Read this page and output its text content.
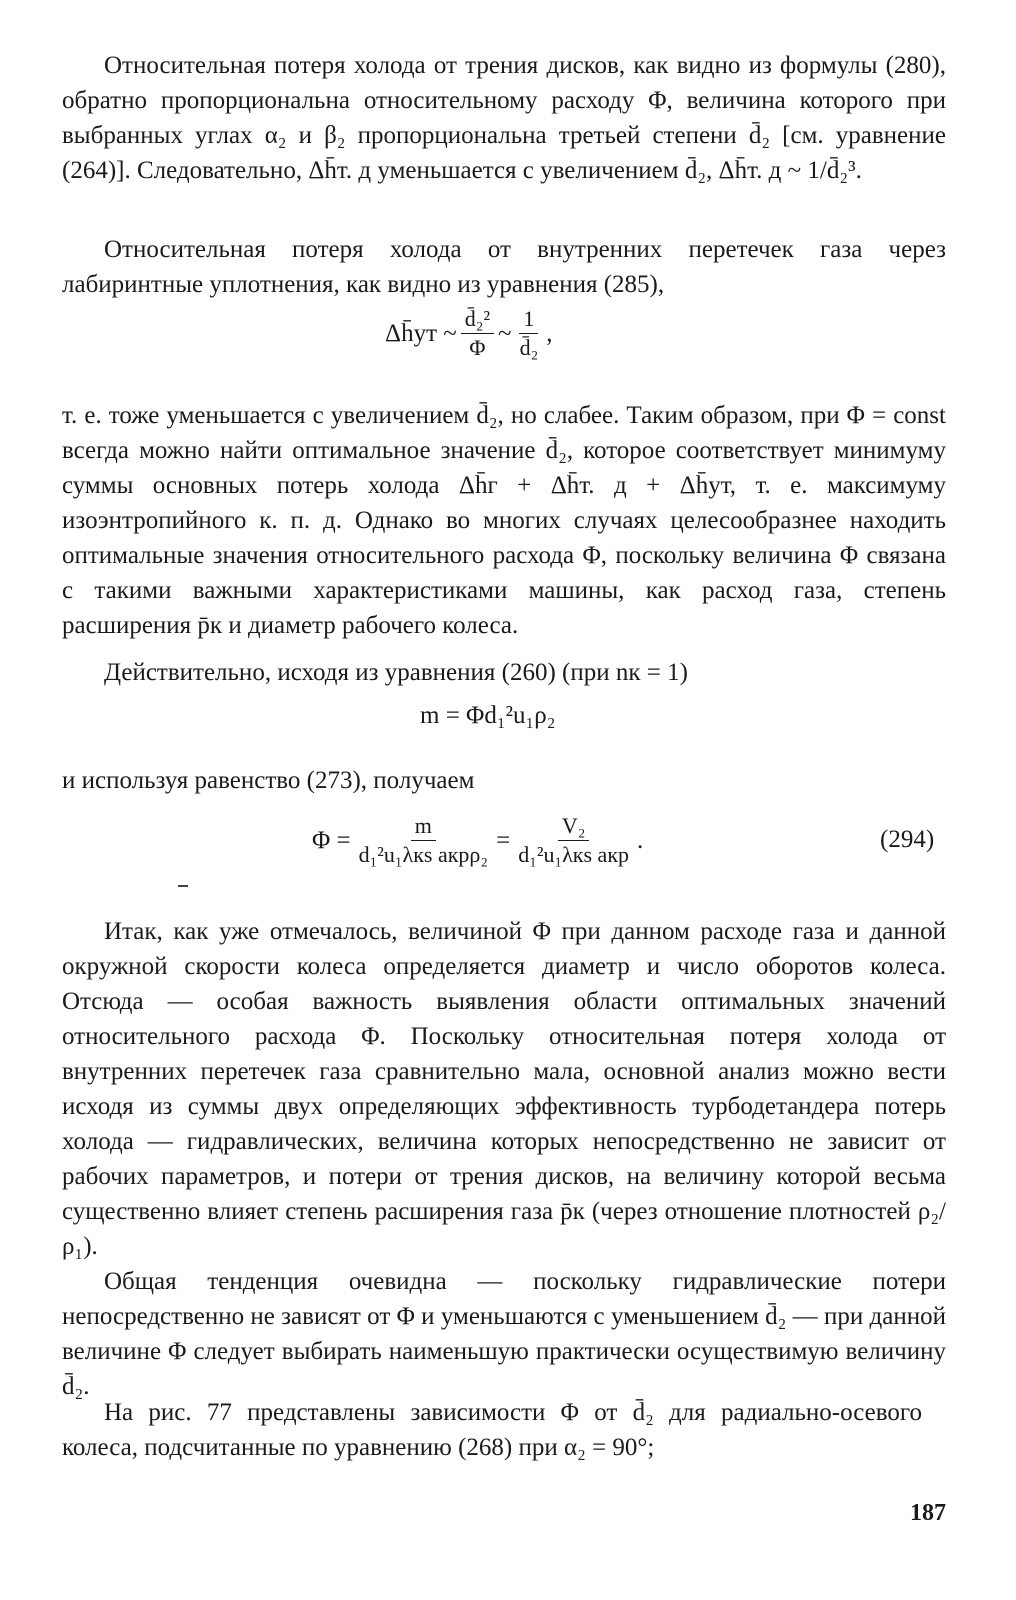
Относительная потеря холода от трения дисков, как видно из формулы (280), обратно пропорциональна относительному расходу Φ, величина которого при выбранных углах α₂ и β₂ пропорциональна третьей степени d̄₂ [см. уравнение (264)]. Следовательно, Δh̄т. д уменьшается с увеличением d̄₂, Δh̄т. д ~ 1/d̄₂³.

Относительная потеря холода от внутренних перетечек газа через лабиринтные уплотнения, как видно из уравнения (285),

Δh̄ут ~ $\frac{\text{d̄₂²}}{\Phi}$ ~ $\frac{1}{\text{d̄₂}}$ ,

т. е. тоже уменьшается с увеличением d̄₂, но слабее. Таким образом, при Φ = const всегда можно найти оптимальное значение d̄₂, которое соответствует минимуму суммы основных потерь холода Δh̄г + Δh̄т. д + Δh̄ут, т. е. максимуму изоэнтропийного к. п. д. Однако во многих случаях целесообразнее находить оптимальные значения относительного расхода Φ, поскольку величина Φ связана с такими важными характеристиками машины, как расход газа, степень расширения p̄к и диаметр рабочего колеса.

Действительно, исходя из уравнения (260) (при nк = 1)

m = Φd₁²u₁ρ₂

и используя равенство (273), получаем

$\Phi = \frac{m}{\text{d₁²u₁λкs aкрρ₂}} = \frac{\text{V₂}}{\text{d₁²u₁λкs aкр}}$ .	(294)

Итак, как уже отмечалось, величиной Φ при данном расходе газа и данной окружной скорости колеса определяется диаметр и число оборотов колеса. Отсюда — особая важность выявления области оптимальных значений относительного расхода Φ. Поскольку относительная потеря холода от внутренних перетечек газа сравнительно мала, основной анализ можно вести исходя из суммы двух определяющих эффективность турбодетандера потерь холода — гидравлических, величина которых непосредственно не зависит от рабочих параметров, и потери от трения дисков, на величину которой весьма существенно влияет степень расширения газа p̄к (через отношение плотностей ρ₂/ρ₁).

Общая тенденция очевидна — поскольку гидравлические потери непосредственно не зависят от Φ и уменьшаются с уменьшением d̄₂ — при данной величине Φ следует выбирать наименьшую практически осуществимую величину d̄₂.

На рис. 77 представлены зависимости Φ от d̄₂ для радиально-осевого колеса, подсчитанные по уравнению (268) при α₂ = 90°;

187
